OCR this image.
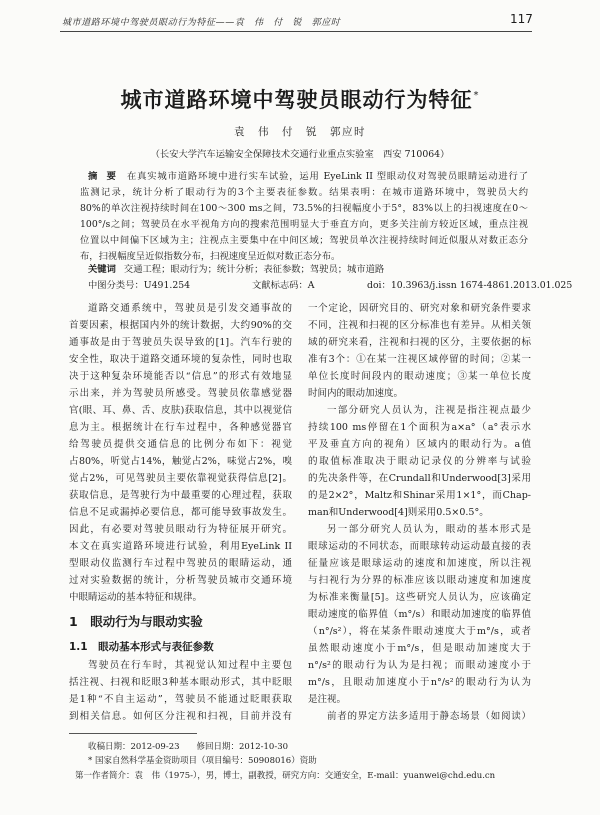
城市道路环境中驾驶员眼动行为特征——袁　伟　付　锐　郭应时	117
城市道路环境中驾驶员眼动行为特征*
袁　伟　付　锐　郭应时
（长安大学汽车运输安全保障技术交通行业重点实验室　西安 710064）
摘　要	在真实城市道路环境中进行实车试验，运用 EyeLink II 型眼动仪对驾驶员眼睛运动进行了
监测记录，统计分析了眼动行为的3个主要表征参数。结果表明：在城市道路环境中，驾驶员大约
80%的单次注视持续时间在100～300 ms之间，73.5%的扫视幅度小于5°，83%以上的扫视速度在0～
100°/s之间；驾驶员在水平视角方向的搜索范围明显大于垂直方向，更多关注前方较近区域，重点注视
位置以中间偏下区域为主；注视点主要集中在中间区域；驾驶员单次注视持续时间近似服从对数正态分
布，扫视幅度呈近似指数分布，扫视速度呈近似对数正态分布。
关键词 交通工程；眼动行为；统计分析；表征参数；驾驶员；城市道路
中图分类号：U491.254	文献标志码：A	doi：10.3963/j.issn 1674-4861.2013.01.025
道路交通系统中，驾驶员是引发交通事故的
首要因素，根据国内外的统计数据，大约90%的交
通事故是由于驾驶员失误导致的[1]。汽车行驶的
安全性，取决于道路交通环境的复杂性，同时也取
决于这种复杂环境能否以“信息”的形式有效地显
示出来，并为驾驶员所感受。驾驶员依靠感觉器
官(眼、耳、鼻、舌、皮肤)获取信息，其中以视觉信
息为主。根据统计在行车过程中，各种感觉器官
给驾驶员提供交通信息的比例分布如下：视觉
占80%，听觉占14%，触觉占2%，味觉占2%，嗅
觉占2%，可见驾驶员主要依靠视觉获得信息[2]。
获取信息，是驾驶行为中最重要的心理过程，获取
信息不足或漏掉必要信息，都可能导致事故发生。
因此，有必要对驾驶员眼动行为特征展开研究。
本文在真实道路环境进行试验，利用EyeLink II
型眼动仪监测行车过程中驾驶员的眼睛运动，通
过对实验数据的统计，分析驾驶员城市交通环境
中眼睛运动的基本特征和规律。
1　眼动行为与眼动实验
1.1　眼动基本形式与表征参数
驾驶员在行车时，其视觉认知过程中主要包
括注视、扫视和眨眼3种基本眼动形式，其中眨眼
是1种“不自主运动”，驾驶员不能通过眨眼获取
到相关信息。如何区分注视和扫视，目前并没有
一个定论，因研究目的、研究对象和研究条件要求
不同，注视和扫视的区分标准也有差异。从相关领
域的研究来看，注视和扫视的区分，主要依据的标
准有3个：①在某一注视区域停留的时间；②某一
单位长度时间段内的眼动速度；③某一单位长度
时间内的眼动加速度。
一部分研究人员认为，注视是指注视点最少
持续100 ms停留在1个面积为a×a°（a°表示水
平及垂直方向的视角）区域内的眼动行为。a值
的取值标准取决于眼动记录仪的分辨率与试验
的先决条件等，在Crundall和Underwood[3]采用
的是2×2°，Maltz和Shinar采用1×1°，而Chap-
man和Underwood[4]则采用0.5×0.5°。
另一部分研究人员认为，眼动的基本形式是
眼球运动的不同状态，而眼球转动运动最直接的表
征量应该是眼球运动的速度和加速度，所以注视
与扫视行为分界的标准应该以眼动速度和加速度
为标准来衡量[5]。这些研究人员认为，应该确定
眼动速度的临界值（m°/s）和眼动加速度的临界值
（n°/s²），将在某条件眼动速度大于m°/s，或者
虽然眼动速度小于m°/s，但是眼动加速度大于
n°/s²的眼动行为认为是扫视；而眼动速度小于
m°/s，且眼动加速度小于n°/s²的眼动行为认为
是注视。
前者的界定方法多适用于静态场景（如阅读）
收稿日期：2012-09-23　　修回日期：2012-10-30
* 国家自然科学基金资助项目（项目编号：50908016）资助
第一作者简介：袁　伟（1975-），男，博士，副教授，研究方向：交通安全，E-mail：yuanwei@chd.edu.cn
